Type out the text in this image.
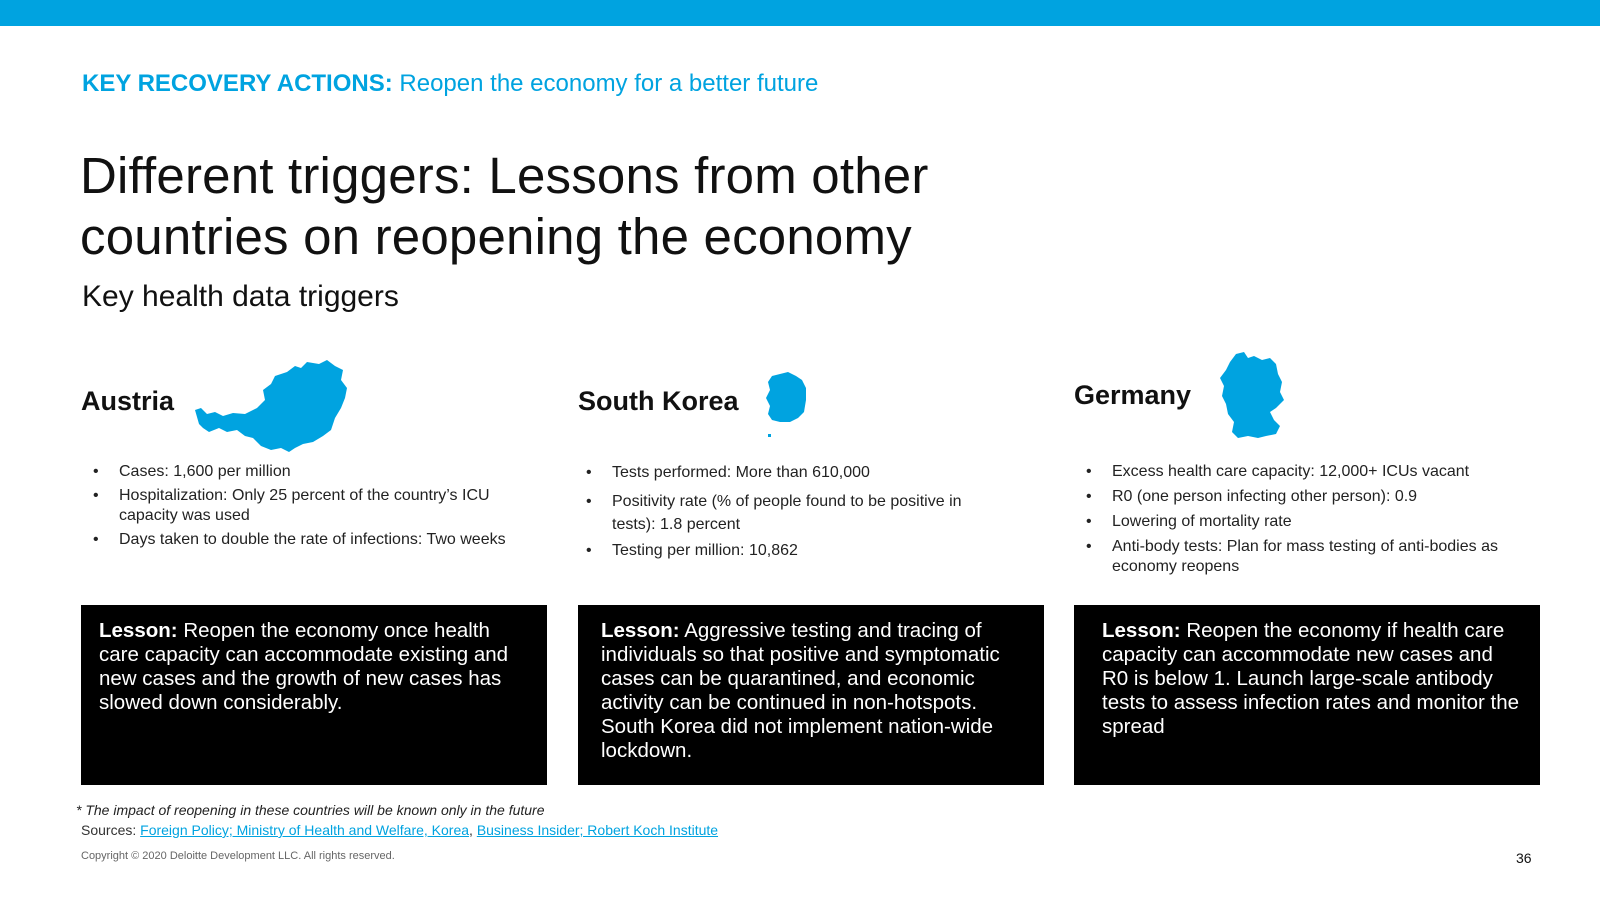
KEY RECOVERY ACTIONS: Reopen the economy for a better future
Different triggers: Lessons from other countries on reopening the economy
Key health data triggers
Austria
• Cases: 1,600 per million
• Hospitalization: Only 25 percent of the country’s ICU capacity was used
• Days taken to double the rate of infections: Two weeks
Lesson: Reopen the economy once health care capacity can accommodate existing and new cases and the growth of new cases has slowed down considerably.
South Korea
• Tests performed: More than 610,000
• Positivity rate (% of people found to be positive in tests): 1.8 percent
• Testing per million: 10,862
Lesson: Aggressive testing and tracing of individuals so that positive and symptomatic cases can be quarantined, and economic activity can be continued in non-hotspots. South Korea did not implement nation-wide lockdown.
Germany
• Excess health care capacity: 12,000+ ICUs vacant
• R0 (one person infecting other person): 0.9
• Lowering of mortality rate
• Anti-body tests: Plan for mass testing of anti-bodies as economy reopens
Lesson: Reopen the economy if health care capacity can accommodate new cases and R0 is below 1. Launch large-scale antibody tests to assess infection rates and monitor the spread
* The impact of reopening in these countries will be known only in the future
Sources: Foreign Policy; Ministry of Health and Welfare, Korea, Business Insider; Robert Koch Institute
Copyright © 2020 Deloitte Development LLC. All rights reserved.	36
